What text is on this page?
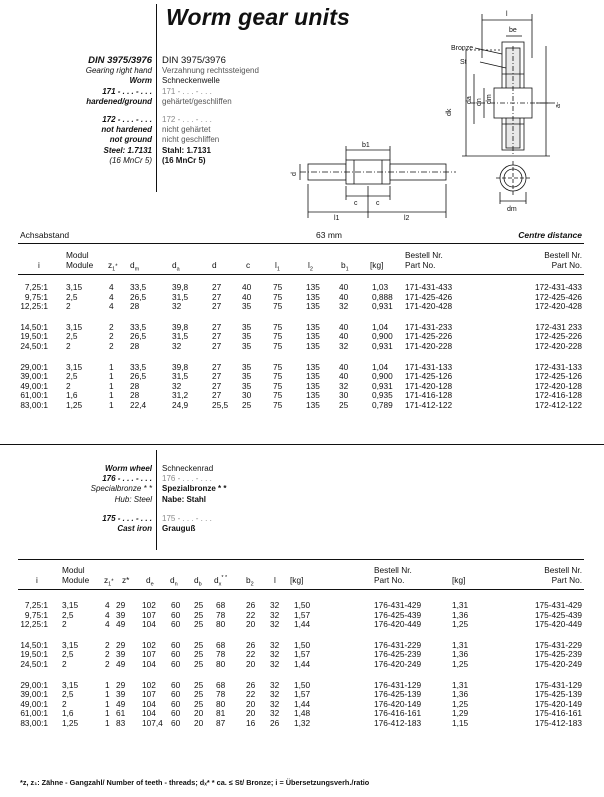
Worm gear units
DIN 3975/3976
Gearing right hand
Worm
171 - . . . - . . .
hardened/ground
172 - . . . - . . .
not hardened
not ground
Steel: 1.7131
(16 MnCr 5)
DIN 3975/3976
Verzahnung rechtssteigend
Schneckenwelle
171 - . . . - . . .
gehärtet/geschliffen
172 - . . . - . . .
nicht gehärtet
nicht geschliffen
Stahl: 1.7131
(16 MnCr 5)
l
be
Bronze
St
dk
da dn dm
a
b1
d
c	c
l1	l2
dm
Achsabstand	63 mm	Centre distance
Modul
Module
i	$z_1*$ $d_m$	$d_a$	d	c	$l_1$	$l_2$	$b_1$	[kg]
Bestell Nr.
Part No.
Bestell Nr.
Part No.
7,25:1 3,15	4 33,5	39,8	27	40	75	135 40	1,03 171-431-433	172-431-433
9,75:1 2,5	4 26,5	31,5	27	40	75	135 40	0,888 171-425-426	172-425-426
12,25:1 2	4 28	32	27	35	75	135 32	0,931 171-420-428	172-420-428
14,50:1 3,15	2 33,5	39,8	27	35	75	135 40	1,04 171-431-233	172-431 233
19,50:1 2,5	2 26,5	31,5	27	35	75	135 40	0,900 171-425-226	172-425-226
24,50:1 2	2 28	32	27	35	75	135 32	0,931 171-420-228	172-420-228
29,00:1 3,15	1 33,5	39,8	27	35	75	135 40	1,04 171-431-133	172-431-133
39,00:1 2,5	1 26,5	31,5	27	35	75	135 40	0,900 171-425-126	172-425-126
49,00:1 2	1 28	32	27	35	75	135 32	0,931 171-420-128	172-420-128
61,00:1 1,6	1 28	31,2	27	30	75	135 30	0,935 171-416-128	172-416-128
83,00:1 1,25	1 22,4	24,9	25,5 25	75	135 25	0,789 171-412-122	172-412-122
Worm wheel
176 - . . . - . . .
Specialbronze * *
Hub: Steel
175 - . . . - . . .
Cast iron
Schneckenrad
176 - . . . - . . .
Spezialbronze * *
Nabe: Stahl
175 - . . . - . . .
Grauguß
Modul
Module
i	$z_1*$ z* $d_e$ $d_n$ $d_b$ $d_x^{* *}$ $b_2$ l [kg]
Bestell Nr.
Part No.	[kg]
Bestell Nr.
Part No.
7,25:1 3,15	4 29 102 60 25 68	26 32 1,50	176-431-429	1,31	175-431-429
9,75:1 2,5	4 39 107 60 25 78	22 32 1,57	176-425-439	1,36	175-425-439
12,25:1 2	4 49 104 60 25 80	20 32 1,44	176-420-449	1,25	175-420-449
14,50:1 3,15	2 29 102 60 25 68	26 32 1,50	176-431-229	1,31	175-431-229
19,50:1 2,5	2 39 107 60 25 78	22 32 1,57	176-425-239	1,36	175-425-239
24,50:1 2	2 49 104 60 25 80	20 32 1,44	176-420-249	1,25	175-420-249
29,00:1 3,15	1 29 102 60 25 68	26 32 1,50	176-431-129	1,31	175-431-129
39,00:1 2,5	1 39 107 60 25 78	22 32 1,57	176-425-139	1,36	175-425-139
49,00:1 2	1 49 104 60 25 80	20 32 1,44	176-420-149	1,25	175-420-149
61,00:1 1,6	1 61 104 60 20 81	20 32 1,48	176-416-161	1,29	175-416-161
83,00:1 1,25	1 83 107,4 60 20 87	16 26 1,32	176-412-183	1,15	175-412-183
*z, z₁: Zähne - Gangzahl/ Number of teeth - threads; dₓ* * ca. ≤ St/ Bronze; i = Übersetzungsverh./ratio
